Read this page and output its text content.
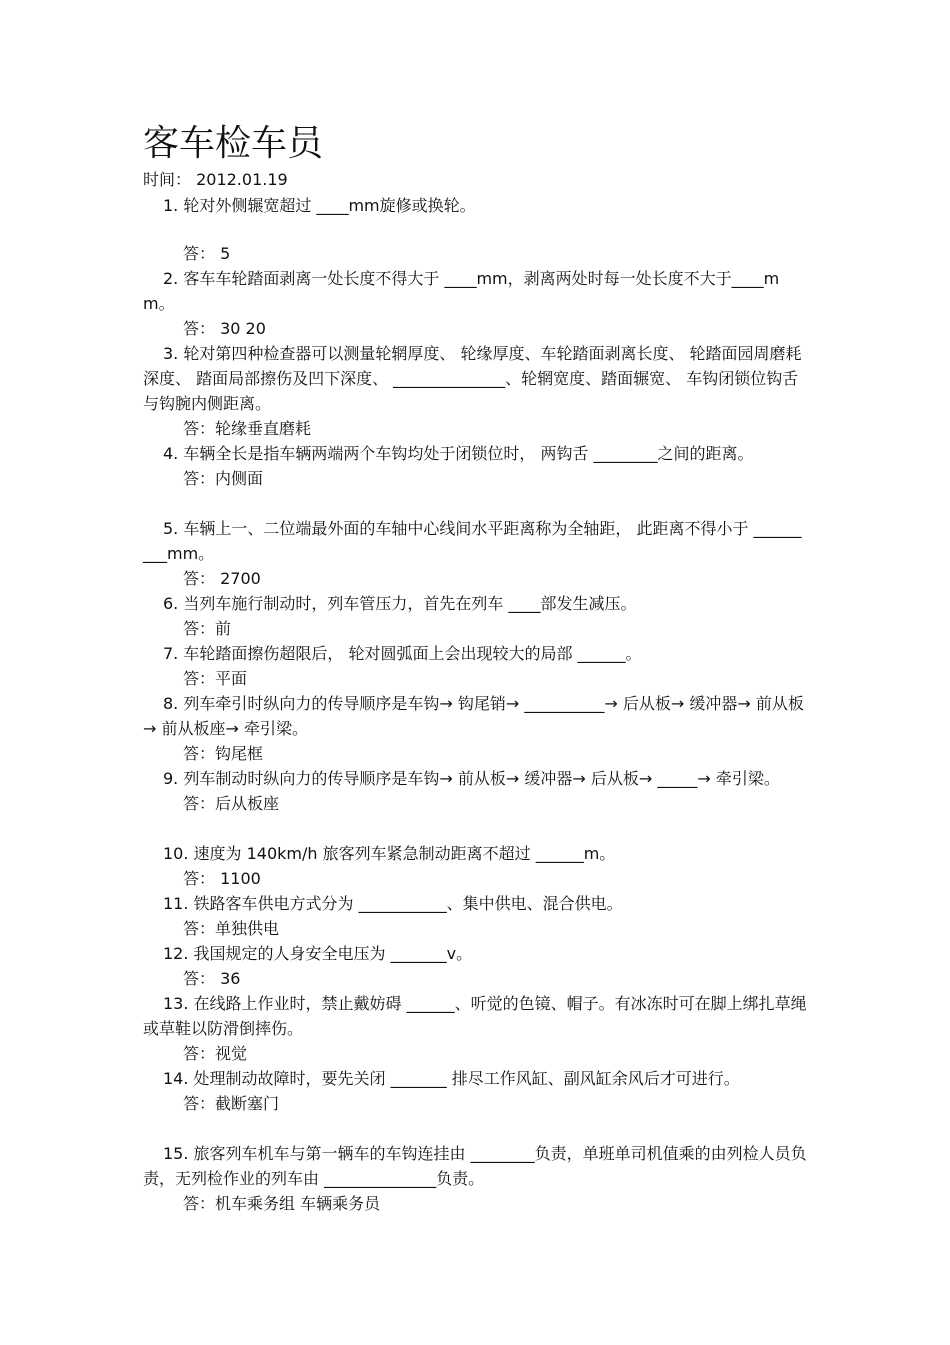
客车检车员
时间： 2012.01.19

1. 轮对外侧辗宽超过 ____mm旋修或换轮。

答： 5

2. 客车车轮踏面剥离一处长度不得大于 ____mm，剥离两处时每一处长度不大于____mm。

答： 30 20

3. 轮对第四种检查器可以测量轮辋厚度、 轮缘厚度、车轮踏面剥离长度、 轮踏面园周磨耗深度、 踏面局部擦伤及凹下深度、 ______________、轮辋宽度、踏面辗宽、 车钩闭锁位钩舌与钩腕内侧距离。

答：轮缘垂直磨耗

4. 车辆全长是指车辆两端两个车钩均处于闭锁位时， 两钩舌 ________之间的距离。

答：内侧面

5. 车辆上一、二位端最外面的车轴中心线间水平距离称为全轴距， 此距离不得小于 _________mm。

答： 2700

6. 当列车施行制动时，列车管压力，首先在列车 ____部发生减压。

答：前

7. 车轮踏面擦伤超限后， 轮对圆弧面上会出现较大的局部 ______。

答：平面

8. 列车牵引时纵向力的传导顺序是车钩→ 钩尾销→ __________→ 后从板→ 缓冲器→ 前从板→ 前从板座→ 牵引梁。

答：钩尾框

9. 列车制动时纵向力的传导顺序是车钩→ 前从板→ 缓冲器→ 后从板→ _____→ 牵引梁。

答：后从板座

10. 速度为 140km/h 旅客列车紧急制动距离不超过 ______m。

答： 1100

11. 铁路客车供电方式分为 ___________、集中供电、混合供电。

答：单独供电

12. 我国规定的人身安全电压为 _______v。

答： 36

13. 在线路上作业时，禁止戴妨碍 ______、听觉的色镜、帽子。有冰冻时可在脚上绑扎草绳或草鞋以防滑倒摔伤。

答：视觉

14. 处理制动故障时，要先关闭 _______ 排尽工作风缸、副风缸余风后才可进行。

答：截断塞门

15. 旅客列车机车与第一辆车的车钩连挂由 ________负责，单班单司机值乘的由列检人员负责，无列检作业的列车由 ______________负责。

答：机车乘务组 车辆乘务员
